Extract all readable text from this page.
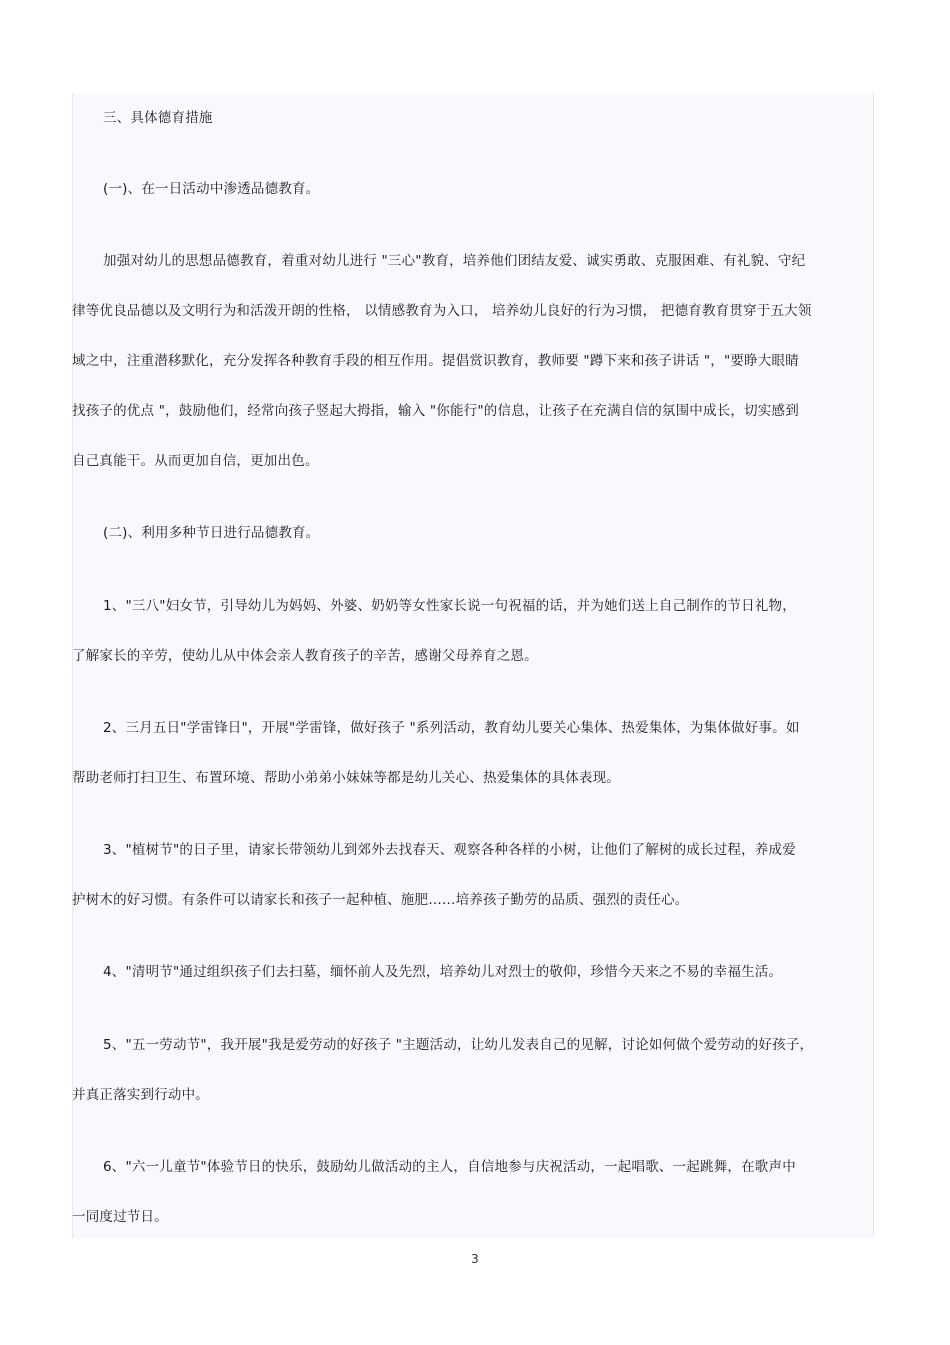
三、具体德育措施
(一)、在一日活动中渗透品德教育。
加强对幼儿的思想品德教育，着重对幼儿进行 "三心"教育，培养他们团结友爱、诚实勇敢、克服困难、有礼貌、守纪
律等优良品德以及文明行为和活泼开朗的性格， 以情感教育为入口， 培养幼儿良好的行为习惯， 把德育教育贯穿于五大领
域之中，注重潜移默化，充分发挥各种教育手段的相互作用。提倡赏识教育，教师要 "蹲下来和孩子讲话 "，"要睁大眼睛
找孩子的优点 "，鼓励他们，经常向孩子竖起大拇指，输入 "你能行"的信息，让孩子在充满自信的氛围中成长，切实感到
自己真能干。从而更加自信，更加出色。
(二)、利用多种节日进行品德教育。
1、"三八"妇女节，引导幼儿为妈妈、外婆、奶奶等女性家长说一句祝福的话，并为她们送上自己制作的节日礼物，
了解家长的辛劳，使幼儿从中体会亲人教育孩子的辛苦，感谢父母养育之恩。
2、三月五日"学雷锋日"，开展"学雷锋，做好孩子 "系列活动，教育幼儿要关心集体、热爱集体，为集体做好事。如
帮助老师打扫卫生、布置环境、帮助小弟弟小妹妹等都是幼儿关心、热爱集体的具体表现。
3、"植树节"的日子里，请家长带领幼儿到郊外去找春天、观察各种各样的小树，让他们了解树的成长过程，养成爱
护树木的好习惯。有条件可以请家长和孩子一起种植、施肥……培养孩子勤劳的品质、强烈的责任心。
4、"清明节"通过组织孩子们去扫墓，缅怀前人及先烈，培养幼儿对烈士的敬仰，珍惜今天来之不易的幸福生活。
5、"五一劳动节"，我开展"我是爱劳动的好孩子 "主题活动，让幼儿发表自己的见解，讨论如何做个爱劳动的好孩子，
并真正落实到行动中。
6、"六一儿童节"体验节日的快乐，鼓励幼儿做活动的主人，自信地参与庆祝活动，一起唱歌、一起跳舞，在歌声中
一同度过节日。
3
